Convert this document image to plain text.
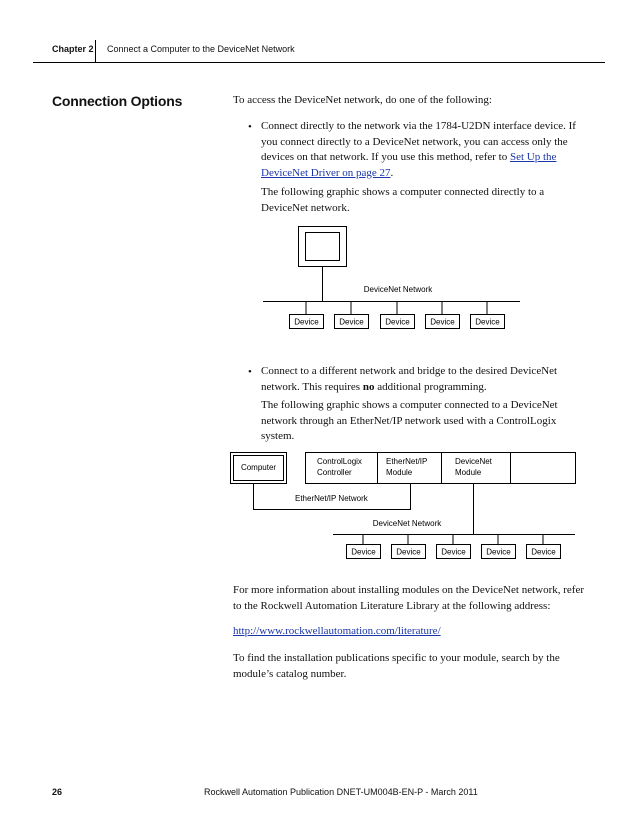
Chapter 2 Connect a Computer to the DeviceNet Network
Connection Options	To access the DeviceNet network, do one of the following:
• Connect directly to the network via the 1784-U2DN interface device. If you connect directly to a DeviceNet network, you can access only the devices on that network. If you use this method, refer to Set Up the DeviceNet Driver on page 27.
The following graphic shows a computer connected directly to a DeviceNet network.
DeviceNet Network
Device	Device	Device	Device	Device
• Connect to a different network and bridge to the desired DeviceNet network. This requires no additional programming.
The following graphic shows a computer connected to a DeviceNet network through an EtherNet/IP network used with a ControlLogix system.
Computer
ControlLogix
Controller
EtherNet/IP
Module
DeviceNet
Module
EtherNet/IP Network
DeviceNet Network
Device	Device	Device	Device	Device
For more information about installing modules on the DeviceNet network, refer to the Rockwell Automation Literature Library at the following address:
http://www.rockwellautomation.com/literature/
To find the installation publications specific to your module, search by the module’s catalog number.
26	Rockwell Automation Publication DNET-UM004B-EN-P - March 2011
